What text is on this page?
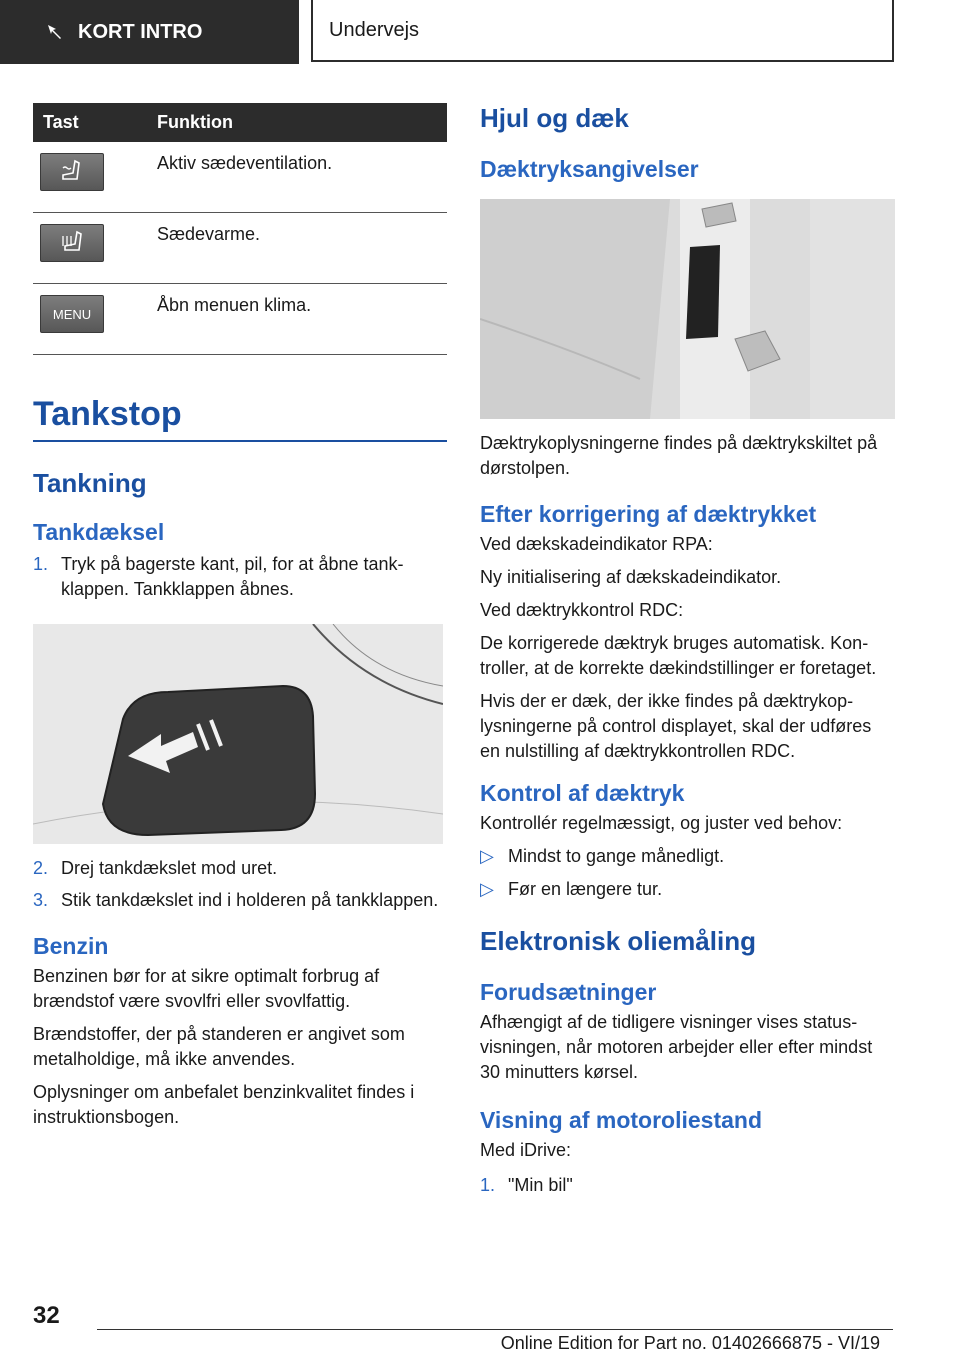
KORT INTRO	Undervejs
Tast	Funktion

	Aktiv sædeventilation.

	Sædevarme.

MENU	Åbn menuen klima.
Tankstop
Tankning
Tankdæksel
1. Tryk på bagerste kant, pil, for at åbne tankklappen. Tankklappen åbnes.
2. Drej tankdækslet mod uret.
3. Stik tankdækslet ind i holderen på tankklappen.
Benzin

Benzinen bør for at sikre optimalt forbrug af brændstof være svovlfri eller svovlfattig.

Brændstoffer, der på standeren er angivet som metalholdige, må ikke anvendes.

Oplysninger om anbefalet benzinkvalitet findes i instruktionsbogen.

Hjul og dæk
Dæktryksangivelser

Dæktrykoplysningerne findes på dæktrykskiltet på dørstolpen.

Efter korrigering af dæktrykket

Ved dækskadeindikator RPA:

Ny initialisering af dækskadeindikator.

Ved dæktrykkontrol RDC:

De korrigerede dæktryk bruges automatisk. Kontroller, at de korrekte dækindstillinger er foretaget.

Hvis der er dæk, der ikke findes på dæktrykoplysningerne på control displayet, skal der udføres en nulstilling af dæktrykkontrollen RDC.

Kontrol af dæktryk

Kontrollér regelmæssigt, og juster ved behov:

▷ Mindst to gange månedligt.
▷ Før en længere tur.
Elektronisk oliemåling
Forudsætninger

Afhængigt af de tidligere visninger vises statusvisningen, når motoren arbejder eller efter mindst 30 minutters kørsel.

Visning af motoroliestand

Med iDrive:

1. "Min bil"
32
Online Edition for Part no. 01402666875 - VI/19
